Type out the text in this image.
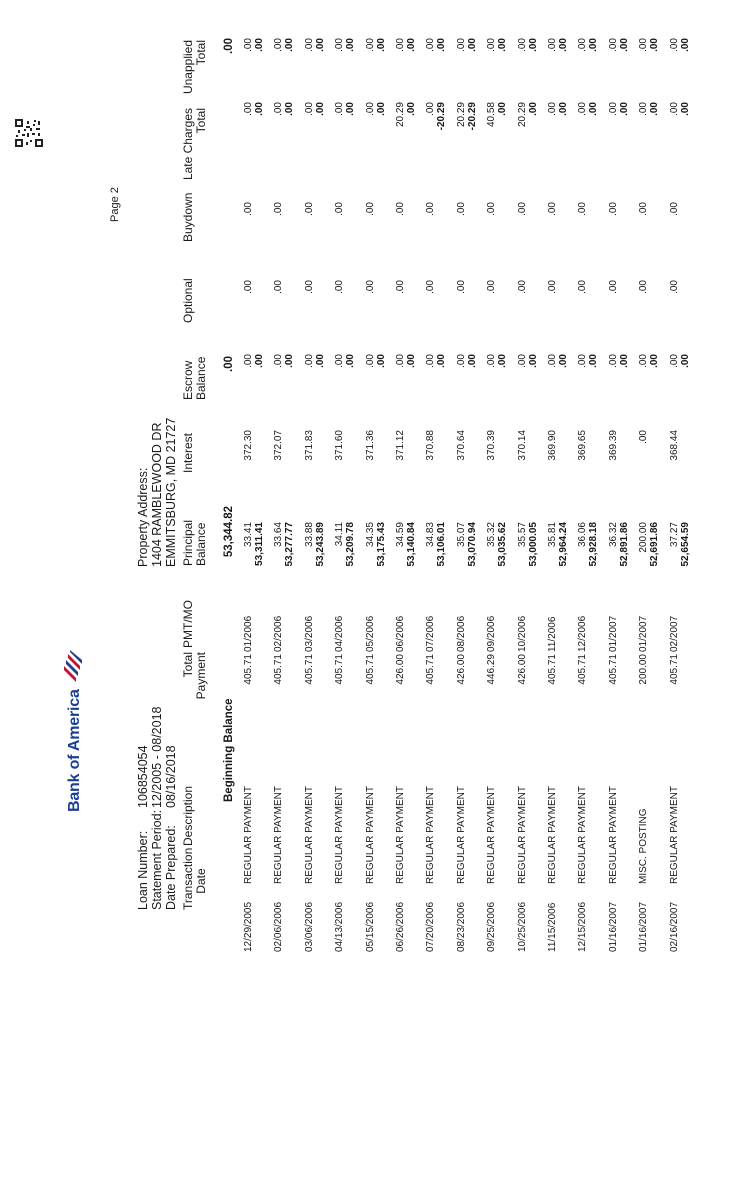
Bank of America
Page 2
Loan Number: Statement Period: Date Prepared:
106854054 12/2005 - 08/2018 08/16/2018
Property Address: 1404 RAMBLEWOOD DR EMMITSBURG, MD 21727
Transaction Date
Description
Total Payment
PMT/MO
Principal Balance
Interest
Escrow Balance
Optional
Buydown
Late Charges Total
Unapplied Total
Beginning Balance
53,344.82
.00
.00
12/29/2005
REGULAR PAYMENT
405.71
01/2006
33.41 53,311.41
372.30
.00 .00
.00
.00
.00 .00
.00 .00
02/06/2006
REGULAR PAYMENT
405.71
02/2006
33.64 53,277.77
372.07
.00 .00
.00
.00
.00 .00
.00 .00
03/06/2006
REGULAR PAYMENT
405.71
03/2006
33.88 53,243.89
371.83
.00 .00
.00
.00
.00 .00
.00 .00
04/13/2006
REGULAR PAYMENT
405.71
04/2006
34.11 53,209.78
371.60
.00 .00
.00
.00
.00 .00
.00 .00
05/15/2006
REGULAR PAYMENT
405.71
05/2006
34.35 53,175.43
371.36
.00 .00
.00
.00
.00 .00
.00 .00
06/26/2006
REGULAR PAYMENT
426.00
06/2006
34.59 53,140.84
371.12
.00 .00
.00
.00
20.29 .00
.00 .00
07/20/2006
REGULAR PAYMENT
405.71
07/2006
34.83 53,106.01
370.88
.00 .00
.00
.00
.00 -20.29
.00 .00
08/23/2006
REGULAR PAYMENT
426.00
08/2006
35.07 53,070.94
370.64
.00 .00
.00
.00
20.29 -20.29
.00 .00
09/25/2006
REGULAR PAYMENT
446.29
09/2006
35.32 53,035.62
370.39
.00 .00
.00
.00
40.58 .00
.00 .00
10/25/2006
REGULAR PAYMENT
426.00
10/2006
35.57 53,000.05
370.14
.00 .00
.00
.00
20.29 .00
.00 .00
11/15/2006
REGULAR PAYMENT
405.71
11/2006
35.81 52,964.24
369.90
.00 .00
.00
.00
.00 .00
.00 .00
12/15/2006
REGULAR PAYMENT
405.71
12/2006
36.06 52,928.18
369.65
.00 .00
.00
.00
.00 .00
.00 .00
01/16/2007
REGULAR PAYMENT
405.71
01/2007
36.32 52,891.86
369.39
.00 .00
.00
.00
.00 .00
.00 .00
01/16/2007
MISC. POSTING
200.00
01/2007
200.00 52,691.86
.00
.00 .00
.00
.00
.00 .00
.00 .00
02/16/2007
REGULAR PAYMENT
405.71
02/2007
37.27 52,654.59
368.44
.00 .00
.00
.00
.00 .00
.00 .00
